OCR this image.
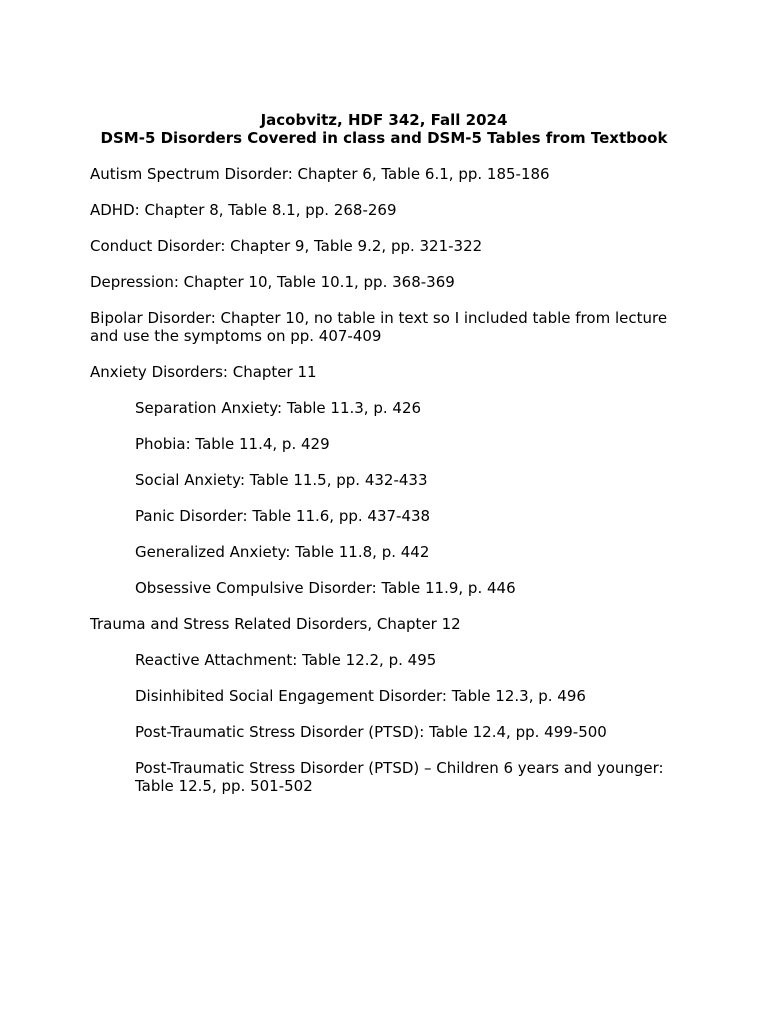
Jacobvitz, HDF 342, Fall 2024

DSM-5 Disorders Covered in class and DSM-5 Tables from Textbook

Autism Spectrum Disorder: Chapter 6, Table 6.1, pp. 185-186

ADHD: Chapter 8, Table 8.1, pp. 268-269

Conduct Disorder: Chapter 9, Table 9.2, pp. 321-322

Depression: Chapter 10, Table 10.1, pp. 368-369

Bipolar Disorder: Chapter 10, no table in text so I included table from lecture and use the symptoms on pp. 407-409

Anxiety Disorders: Chapter 11

Separation Anxiety: Table 11.3, p. 426

Phobia: Table 11.4, p. 429

Social Anxiety: Table 11.5, pp. 432-433

Panic Disorder: Table 11.6, pp. 437-438

Generalized Anxiety: Table 11.8, p. 442

Obsessive Compulsive Disorder: Table 11.9, p. 446

Trauma and Stress Related Disorders, Chapter 12

Reactive Attachment: Table 12.2, p. 495

Disinhibited Social Engagement Disorder: Table 12.3, p. 496

Post-Traumatic Stress Disorder (PTSD): Table 12.4, pp. 499-500

Post-Traumatic Stress Disorder (PTSD) – Children 6 years and younger: Table 12.5, pp. 501-502
